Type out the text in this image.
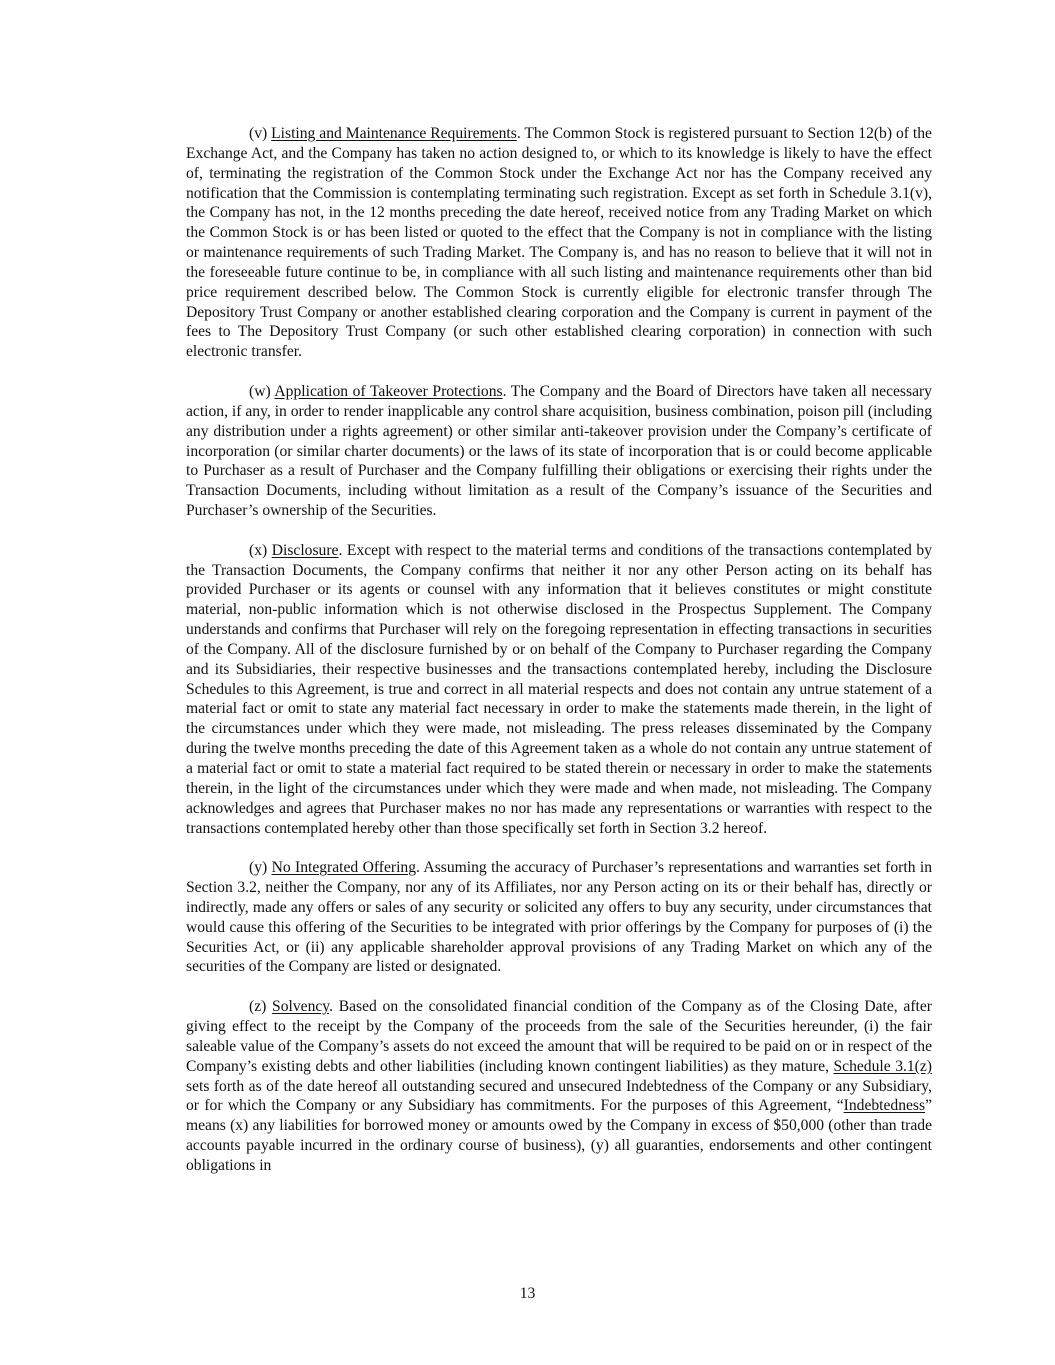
(v) Listing and Maintenance Requirements. The Common Stock is registered pursuant to Section 12(b) of the Exchange Act, and the Company has taken no action designed to, or which to its knowledge is likely to have the effect of, terminating the registration of the Common Stock under the Exchange Act nor has the Company received any notification that the Commission is contemplating terminating such registration. Except as set forth in Schedule 3.1(v), the Company has not, in the 12 months preceding the date hereof, received notice from any Trading Market on which the Common Stock is or has been listed or quoted to the effect that the Company is not in compliance with the listing or maintenance requirements of such Trading Market. The Company is, and has no reason to believe that it will not in the foreseeable future continue to be, in compliance with all such listing and maintenance requirements other than bid price requirement described below. The Common Stock is currently eligible for electronic transfer through The Depository Trust Company or another established clearing corporation and the Company is current in payment of the fees to The Depository Trust Company (or such other established clearing corporation) in connection with such electronic transfer.

(w) Application of Takeover Protections. The Company and the Board of Directors have taken all necessary action, if any, in order to render inapplicable any control share acquisition, business combination, poison pill (including any distribution under a rights agreement) or other similar anti-takeover provision under the Company’s certificate of incorporation (or similar charter documents) or the laws of its state of incorporation that is or could become applicable to Purchaser as a result of Purchaser and the Company fulfilling their obligations or exercising their rights under the Transaction Documents, including without limitation as a result of the Company’s issuance of the Securities and Purchaser’s ownership of the Securities.

(x) Disclosure. Except with respect to the material terms and conditions of the transactions contemplated by the Transaction Documents, the Company confirms that neither it nor any other Person acting on its behalf has provided Purchaser or its agents or counsel with any information that it believes constitutes or might constitute material, non-public information which is not otherwise disclosed in the Prospectus Supplement. The Company understands and confirms that Purchaser will rely on the foregoing representation in effecting transactions in securities of the Company. All of the disclosure furnished by or on behalf of the Company to Purchaser regarding the Company and its Subsidiaries, their respective businesses and the transactions contemplated hereby, including the Disclosure Schedules to this Agreement, is true and correct in all material respects and does not contain any untrue statement of a material fact or omit to state any material fact necessary in order to make the statements made therein, in the light of the circumstances under which they were made, not misleading. The press releases disseminated by the Company during the twelve months preceding the date of this Agreement taken as a whole do not contain any untrue statement of a material fact or omit to state a material fact required to be stated therein or necessary in order to make the statements therein, in the light of the circumstances under which they were made and when made, not misleading. The Company acknowledges and agrees that Purchaser makes no nor has made any representations or warranties with respect to the transactions contemplated hereby other than those specifically set forth in Section 3.2 hereof.

(y) No Integrated Offering. Assuming the accuracy of Purchaser’s representations and warranties set forth in Section 3.2, neither the Company, nor any of its Affiliates, nor any Person acting on its or their behalf has, directly or indirectly, made any offers or sales of any security or solicited any offers to buy any security, under circumstances that would cause this offering of the Securities to be integrated with prior offerings by the Company for purposes of (i) the Securities Act, or (ii) any applicable shareholder approval provisions of any Trading Market on which any of the securities of the Company are listed or designated.

(z) Solvency. Based on the consolidated financial condition of the Company as of the Closing Date, after giving effect to the receipt by the Company of the proceeds from the sale of the Securities hereunder, (i) the fair saleable value of the Company’s assets do not exceed the amount that will be required to be paid on or in respect of the Company’s existing debts and other liabilities (including known contingent liabilities) as they mature, Schedule 3.1(z) sets forth as of the date hereof all outstanding secured and unsecured Indebtedness of the Company or any Subsidiary, or for which the Company or any Subsidiary has commitments. For the purposes of this Agreement, “Indebtedness” means (x) any liabilities for borrowed money or amounts owed by the Company in excess of $50,000 (other than trade accounts payable incurred in the ordinary course of business), (y) all guaranties, endorsements and other contingent obligations in

13
